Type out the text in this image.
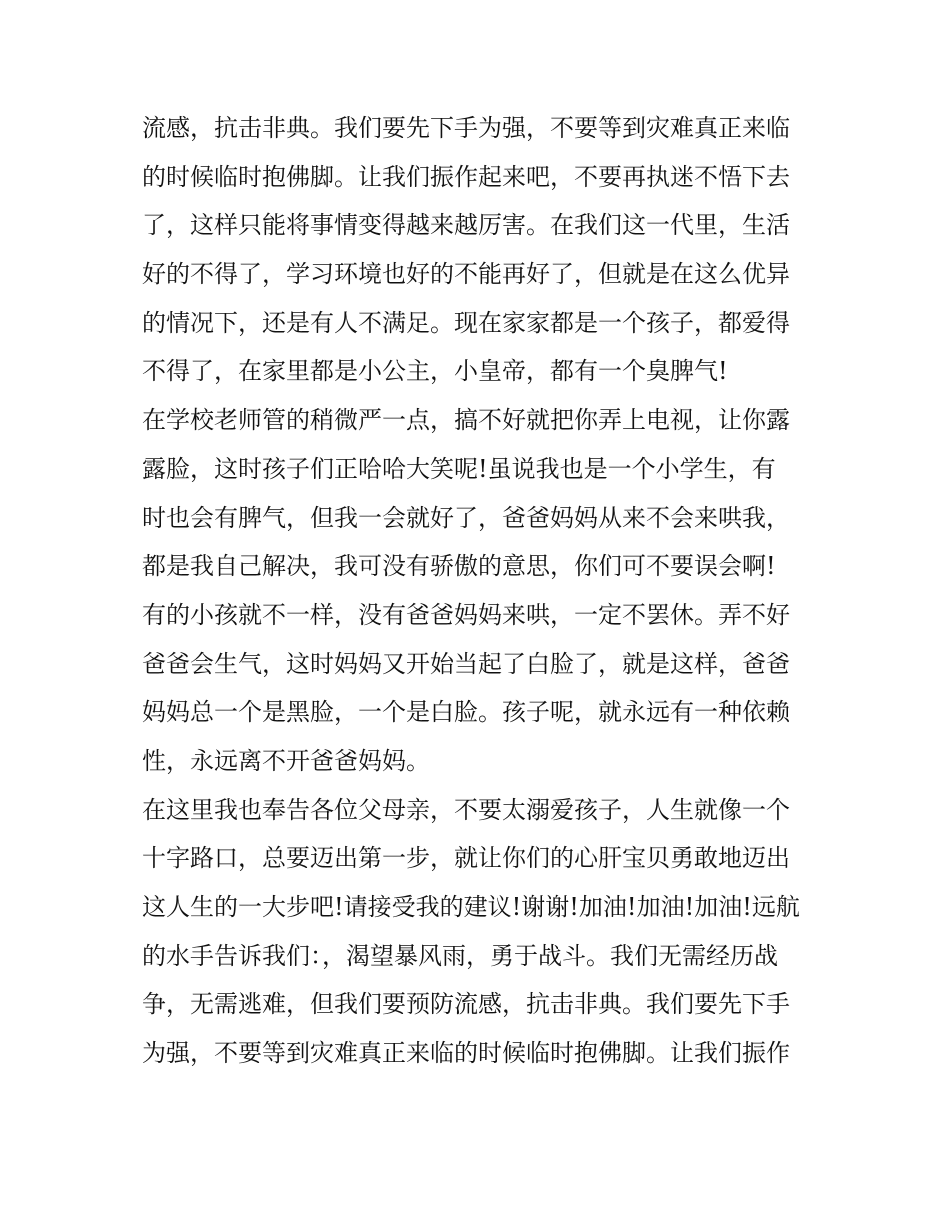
流感，抗击非典。我们要先下手为强，不要等到灾难真正来临
的时候临时抱佛脚。让我们振作起来吧，不要再执迷不悟下去
了，这样只能将事情变得越来越厉害。在我们这一代里，生活
好的不得了，学习环境也好的不能再好了，但就是在这么优异
的情况下，还是有人不满足。现在家家都是一个孩子，都爱得
不得了，在家里都是小公主，小皇帝，都有一个臭脾气!
在学校老师管的稍微严一点，搞不好就把你弄上电视，让你露
露脸，这时孩子们正哈哈大笑呢!虽说我也是一个小学生，有
时也会有脾气，但我一会就好了，爸爸妈妈从来不会来哄我，
都是我自己解决，我可没有骄傲的意思，你们可不要误会啊!
有的小孩就不一样，没有爸爸妈妈来哄，一定不罢休。弄不好
爸爸会生气，这时妈妈又开始当起了白脸了，就是这样，爸爸
妈妈总一个是黑脸，一个是白脸。孩子呢，就永远有一种依赖
性，永远离不开爸爸妈妈。
在这里我也奉告各位父母亲，不要太溺爱孩子，人生就像一个
十字路口，总要迈出第一步，就让你们的心肝宝贝勇敢地迈出
这人生的一大步吧!请接受我的建议!谢谢!加油!加油!加油!远航
的水手告诉我们：，渴望暴风雨，勇于战斗。我们无需经历战
争，无需逃难，但我们要预防流感，抗击非典。我们要先下手
为强，不要等到灾难真正来临的时候临时抱佛脚。让我们振作
